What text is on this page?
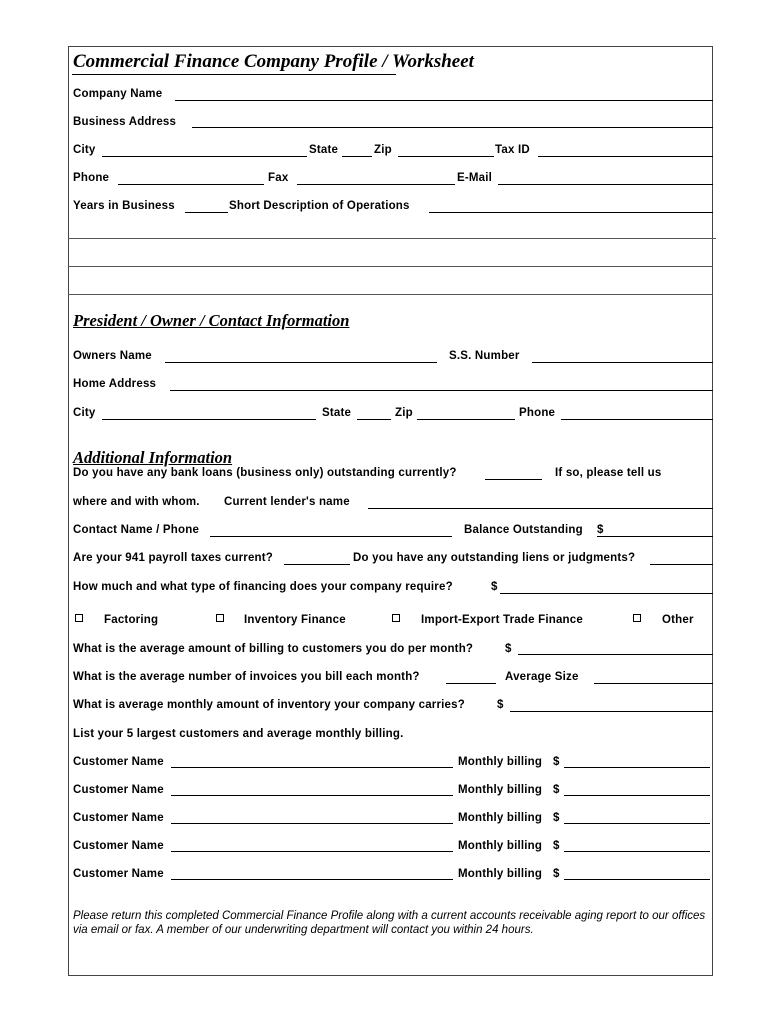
Commercial Finance Company Profile / Worksheet
Company Name
Business Address
City	State	Zip	Tax ID
Phone	Fax	E-Mail
Years in Business	Short Description of Operations
President / Owner / Contact Information
Owners Name	S.S. Number
Home Address
City	State	Zip	Phone
Additional Information
Do you have any bank loans (business only) outstanding currently?	If so, please tell us
where and with whom. Current lender's name
Contact Name / Phone	Balance Outstanding $
Are your 941 payroll taxes current?	Do you have any outstanding liens or judgments?
How much and what type of financing does your company require?	$
Factoring	Inventory Finance	Import-Export Trade Finance	Other
What is the average amount of billing to customers you do per month?	$
What is the average number of invoices you bill each month?	Average Size
What is average monthly amount of inventory your company carries?	$
List your 5 largest customers and average monthly billing.
Customer Name	Monthly billing $
Customer Name	Monthly billing $
Customer Name	Monthly billing $
Customer Name	Monthly billing $
Customer Name	Monthly billing $
Please return this completed Commercial Finance Profile along with a current accounts receivable aging report to our offices via email or fax. A member of our underwriting department will contact you within 24 hours.
